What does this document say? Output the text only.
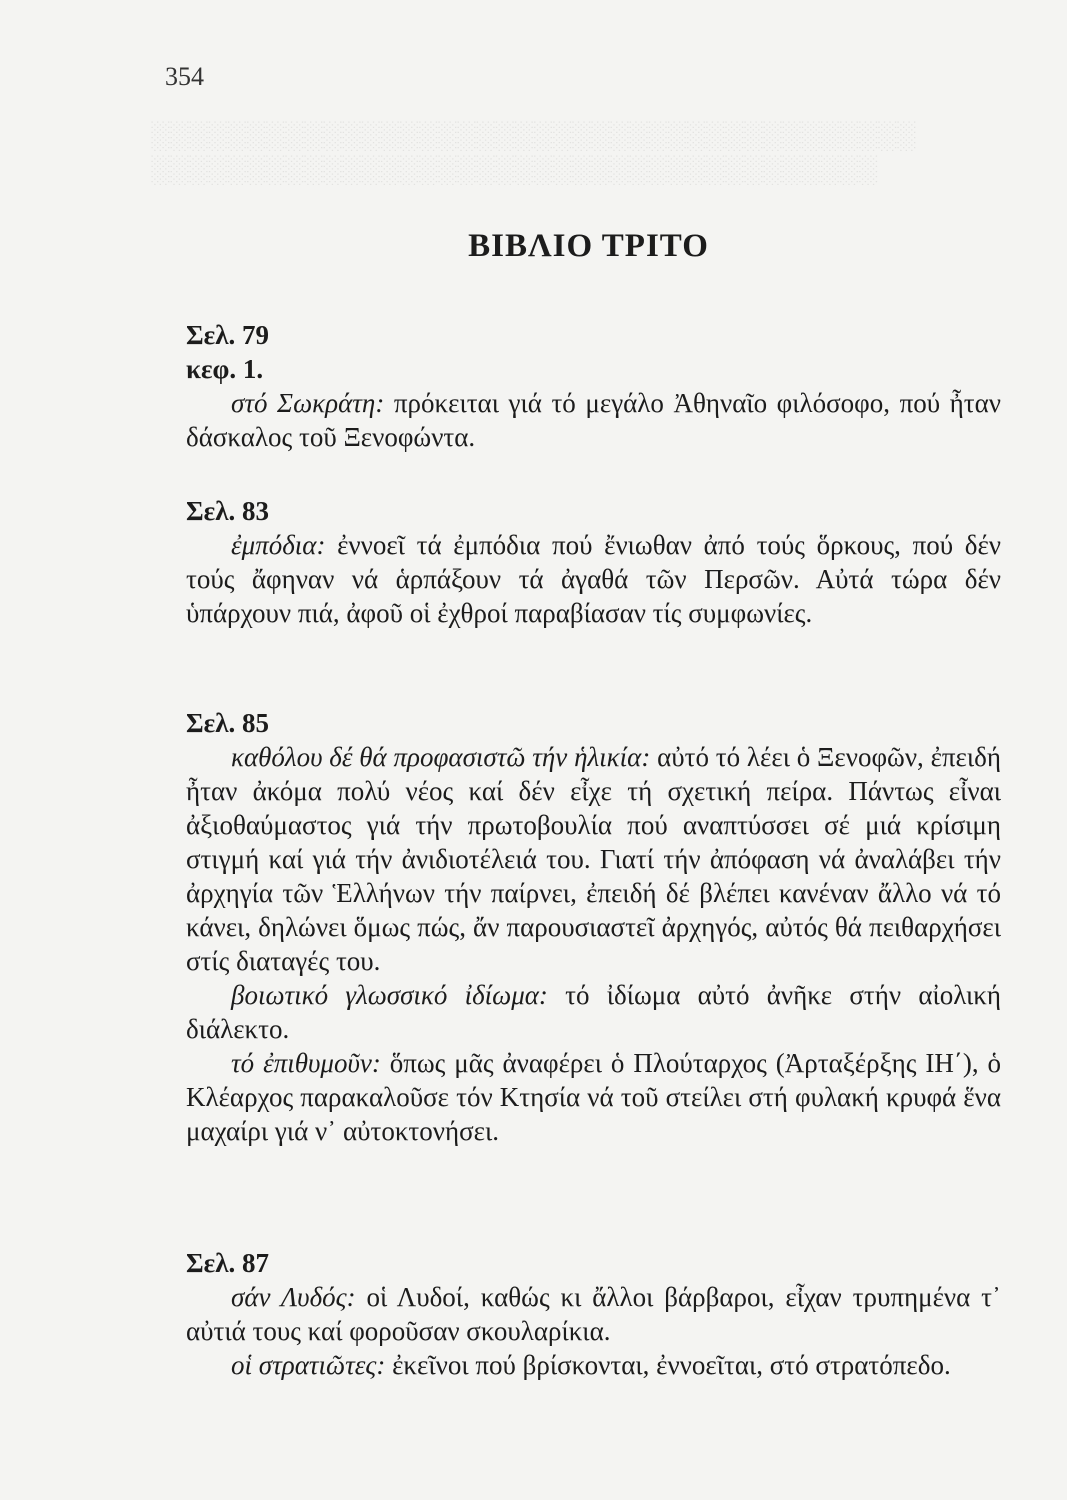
░░░░░░░░░░░░░░░░░░░░░░░░░░░░░░░░░░░░░░░░
░░░░░░░░░░░░░░░░░░░░░░░░░░░░░░░░░░░░░░
354
ΒΙΒΛΙΟ ΤΡΙΤΟ
Σελ. 79
κεφ. 1.
στό Σωκράτη: πρόκειται γιά τό μεγάλο Ἀθηναῖο φιλόσοφο, πού ἦταν δάσκαλος τοῦ Ξενοφώντα.
Σελ. 83
ἐμπόδια: ἐννοεῖ τά ἐμπόδια πού ἔνιωθαν ἀπό τούς ὅρκους, πού δέν τούς ἄφηναν νά ἁρπάξουν τά ἀγαθά τῶν Περσῶν. Αὐτά τώρα δέν ὑπάρχουν πιά, ἀφοῦ οἱ ἐχθροί παραβίασαν τίς συμφωνίες.
Σελ. 85
καθόλου δέ θά προφασιστῶ τήν ἡλικία: αὐτό τό λέει ὁ Ξενοφῶν, ἐπειδή ἦταν ἀκόμα πολύ νέος καί δέν εἶχε τή σχετική πείρα. Πάντως εἶναι ἀξιοθαύμαστος γιά τήν πρωτοβουλία πού αναπτύσσει σέ μιά κρίσιμη στιγμή καί γιά τήν ἀνιδιοτέλειά του. Γιατί τήν ἀπόφαση νά ἀναλάβει τήν ἀρχηγία τῶν Ἑλλήνων τήν παίρνει, ἐπειδή δέ βλέπει κανέναν ἄλλο νά τό κάνει, δηλώνει ὅμως πώς, ἄν παρουσιαστεῖ ἀρχηγός, αὐτός θά πειθαρχήσει στίς διαταγές του.
βοιωτικό γλωσσικό ἰδίωμα: τό ἰδίωμα αὐτό ἀνῆκε στήν αἰολική διάλεκτο.
τό ἐπιθυμοῦν: ὅπως μᾶς ἀναφέρει ὁ Πλούταρχος (Ἀρταξέρξης ΙΗ΄), ὁ Κλέαρχος παρακαλοῦσε τόν Κτησία νά τοῦ στείλει στή φυλακή κρυφά ἕνα μαχαίρι γιά ν᾽ αὐτοκτονήσει.
Σελ. 87
σάν Λυδός: οἱ Λυδοί, καθώς κι ἄλλοι βάρβαροι, εἶχαν τρυπημένα τ᾽ αὐτιά τους καί φοροῦσαν σκουλαρίκια.
οἱ στρατιῶτες: ἐκεῖνοι πού βρίσκονται, ἐννοεῖται, στό στρατόπεδο.
